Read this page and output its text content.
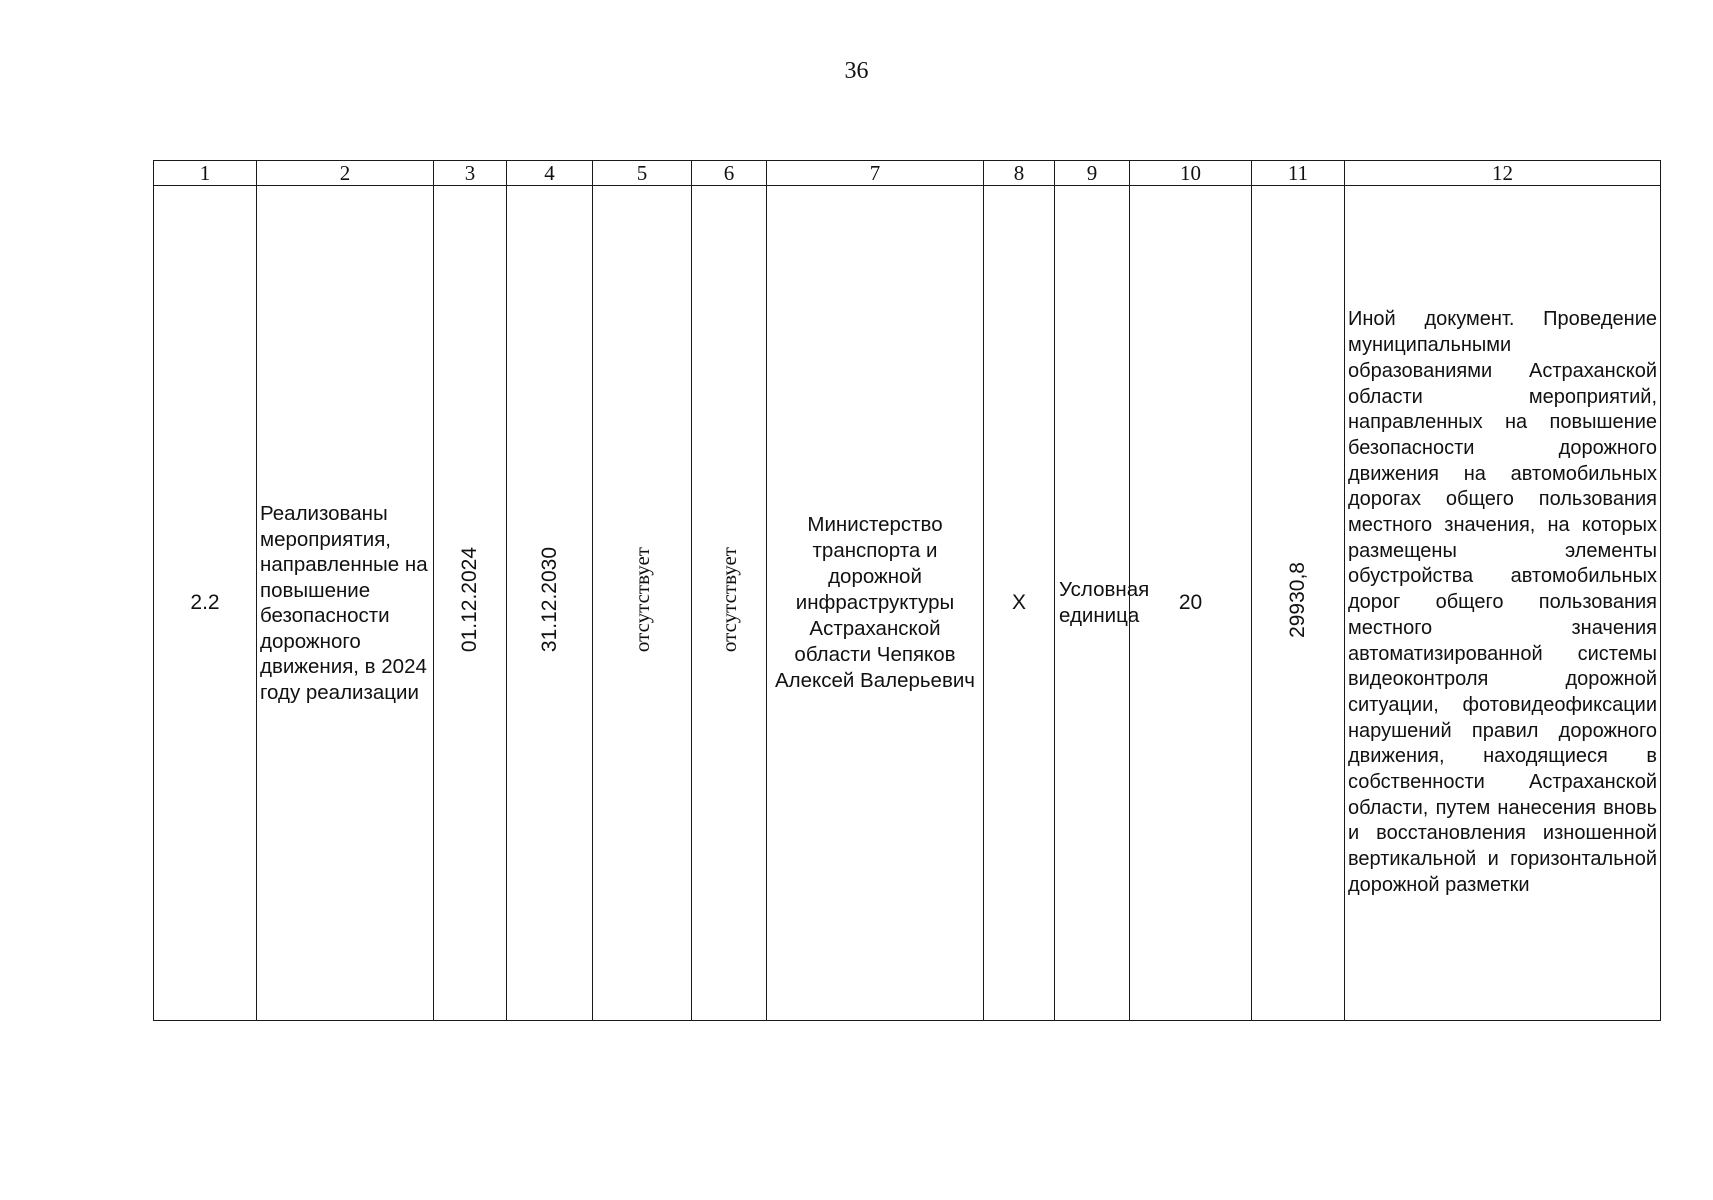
36
1	2	3	4	5	6	7	8	9	10	11	12
2.2	Реализованы мероприятия, направленные на повышение безопасности дорожного движения, в 2024 году реализации	01.12.2024	31.12.2030	отсутствует	отсутствует	Министерство транспорта и дорожной инфраструктуры Астраханской области Чепяков Алексей Валерьевич	Х	Условная единица	20	29930,8	Иной документ. Проведение муниципальными образованиями Астраханской области мероприятий, направленных на повышение безопасности дорожного движения на автомобильных дорогах общего пользования местного значения, на которых размещены элементы обустройства автомобильных дорог общего пользования местного значения автоматизированной системы видеоконтроля дорожной ситуации, фотовидеофиксации нарушений правил дорожного движения, находящиеся в собственности Астраханской области, путем нанесения вновь и восстановления изношенной вертикальной и горизонтальной дорожной разметки
